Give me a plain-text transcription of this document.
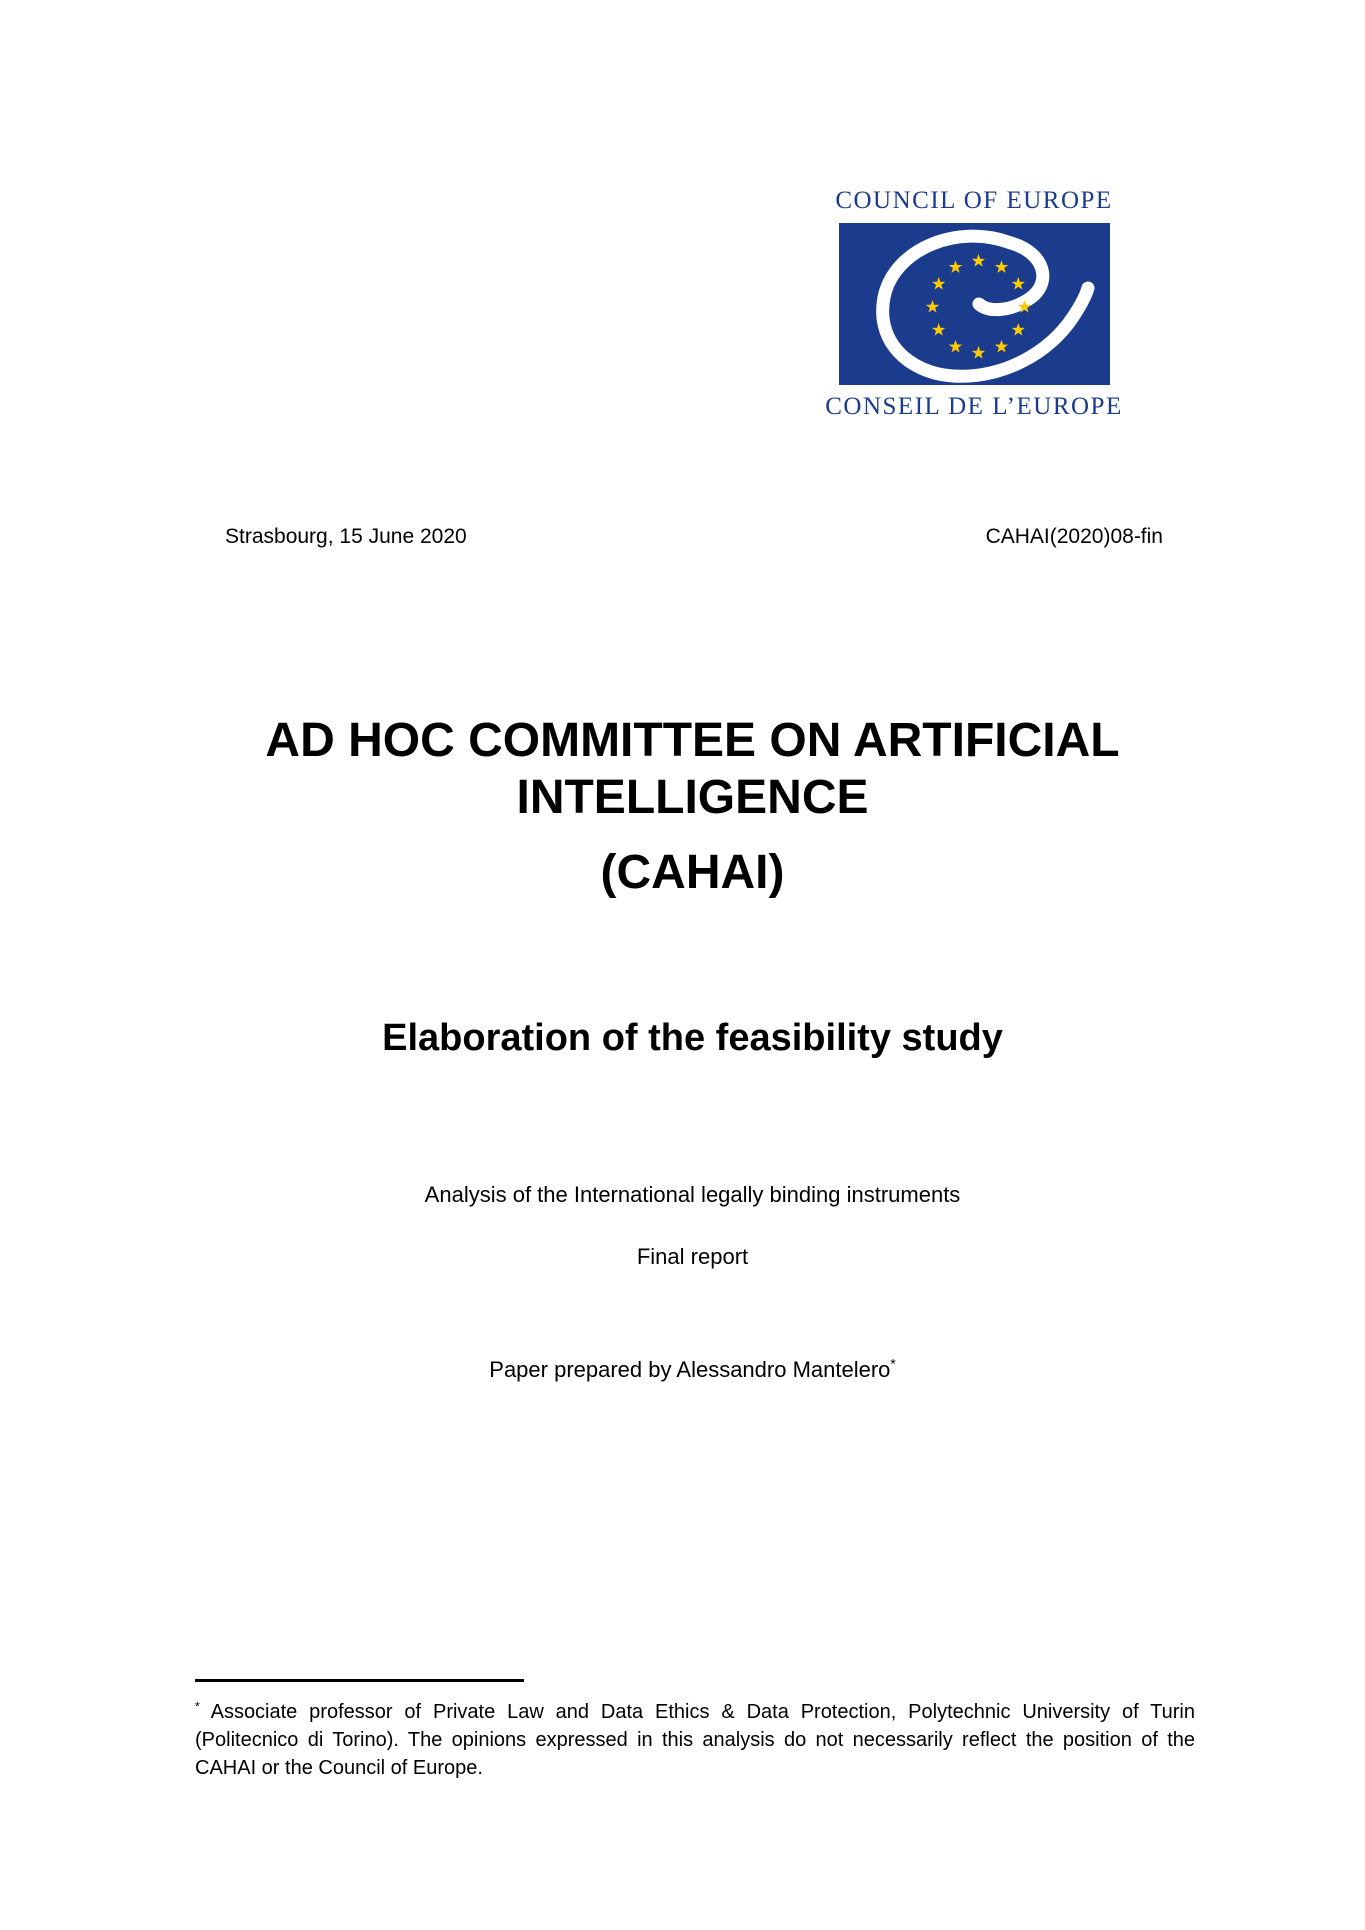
COUNCIL OF EUROPE
CONSEIL DE L’EUROPE
Strasbourg, 15 June 2020	CAHAI(2020)08-fin
AD HOC COMMITTEE ON ARTIFICIAL
INTELLIGENCE
(CAHAI)
Elaboration of the feasibility study
Analysis of the International legally binding instruments
Final report
Paper prepared by Alessandro Mantelero*

* Associate professor of Private Law and Data Ethics & Data Protection, Polytechnic University of Turin (Politecnico di Torino). The opinions expressed in this analysis do not necessarily reflect the position of the CAHAI or the Council of Europe.
